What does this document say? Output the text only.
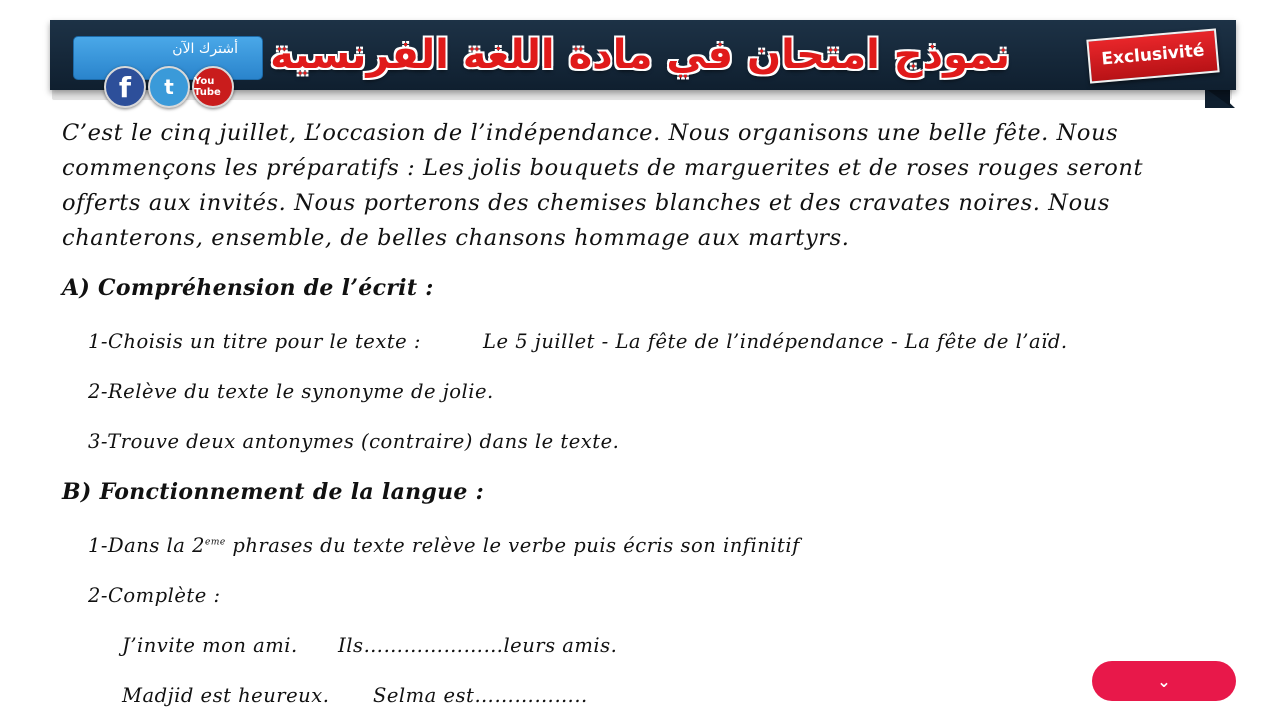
نموذج امتحان في مادة اللغة الفرنسية
أشترك الآن
f t You Tube
Exclusivité
C’est le cinq juillet, L’occasion de l’indépendance. Nous organisons une belle fête. Nous
commençons les préparatifs : Les jolis bouquets de marguerites et de roses rouges seront
offerts aux invités. Nous porterons des chemises blanches et des cravates noires. Nous
chanterons, ensemble, de belles chansons hommage aux martyrs.
A) Compréhension de l’écrit :
1-Choisis un titre pour le texte :	Le 5 juillet - La fête de l’indépendance - La fête de l’aïd.
2-Relève du texte le synonyme de jolie.
3-Trouve deux antonymes (contraire) dans le texte.
B) Fonctionnement de la langue :
1-Dans la 2eme phrases du texte relève le verbe puis écris son infinitif
2-Complète :
J’invite mon ami. Ils…………………leurs amis.
Madjid est heureux. Selma est……………..
⌄
